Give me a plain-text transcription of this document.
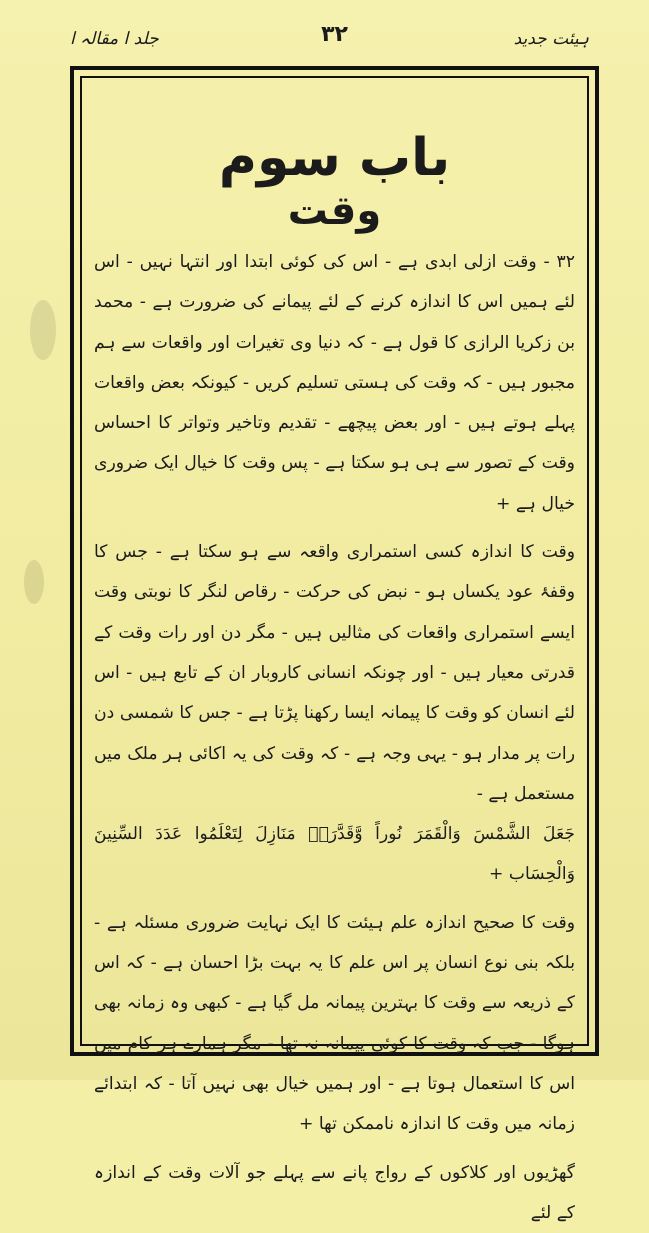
ہیئت جدید
۳۲
جلد ا مقالہ ا
باب سوم
وقت

۳۲ - وقت ازلی ابدی ہے - اس کی کوئی ابتدا اور انتہا نہیں - اس لئے ہمیں اس کا اندازہ کرنے کے لئے پیمانے کی ضرورت ہے - محمد بن زکریا الرازی کا قول ہے - کہ دنیا وی تغیرات اور واقعات سے ہم مجبور ہیں - کہ وقت کی ہستی تسلیم کریں - کیونکہ بعض واقعات پہلے ہوتے ہیں - اور بعض پیچھے - تقدیم وتاخیر وتواتر کا احساس وقت کے تصور سے ہی ہو سکتا ہے - پس وقت کا خیال ایک ضروری خیال ہے +

وقت کا اندازہ کسی استمراری واقعہ سے ہو سکتا ہے - جس کا وقفۂ عود یکساں ہو - نبض کی حرکت - رقاص لنگر کا نوبتی وقت ایسے استمراری واقعات کی مثالیں ہیں - مگر دن اور رات وقت کے قدرتی معیار ہیں - اور چونکہ انسانی کاروبار ان کے تابع ہیں - اس لئے انسان کو وقت کا پیمانہ ایسا رکھنا پڑتا ہے - جس کا شمسی دن رات پر مدار ہو - یہی وجہ ہے - کہ وقت کی یہ اکائی ہر ملک میں مستعمل ہے -

جَعَلَ الشَّمْسَ وَالْقَمَرَ نُوراً وَّقَدَّرَہٗ مَنَازِلَ لِتَعْلَمُوا عَدَدَ السِّنِينَ وَالْحِسَاب +

وقت کا صحیح اندازہ علم ہیئت کا ایک نہایت ضروری مسئلہ ہے - بلکہ بنی نوع انسان پر اس علم کا یہ بہت بڑا احسان ہے - کہ اس کے ذریعہ سے وقت کا بہترین پیمانہ مل گیا ہے - کبھی وہ زمانہ بھی ہوگا - جب کہ وقت کا کوئی پیمانہ نہ تھا - مگر ہمارے ہر کام میں اس کا استعمال ہوتا ہے - اور ہمیں خیال بھی نہیں آتا - کہ ابتدائے زمانہ میں وقت کا اندازہ ناممکن تھا +

گھڑیوں اور کلاکوں کے رواج پانے سے پہلے جو آلات وقت کے اندازہ کے لئے
